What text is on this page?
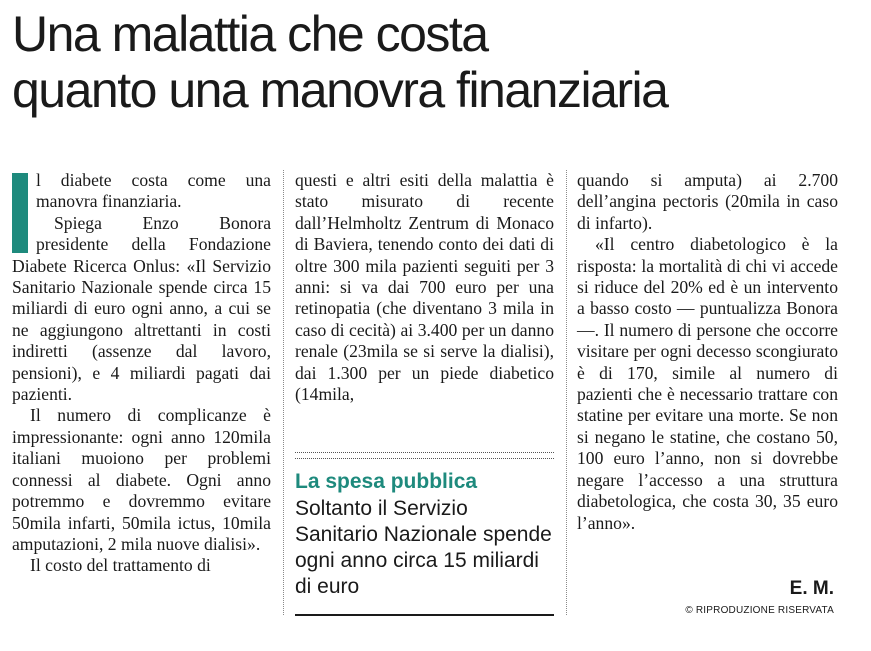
Una malattia che costa
quanto una manovra finanziaria

l diabete costa come una manovra finanziaria.

Spiega Enzo Bonora presidente della Fondazione Diabete Ricerca Onlus: «Il Servizio Sanitario Nazionale spende circa 15 miliardi di euro ogni anno, a cui se ne aggiungono altrettanti in costi indiretti (assenze dal lavoro, pensioni), e 4 miliardi pagati dai pazienti.

Il numero di complicanze è impressionante: ogni anno 120mila italiani muoiono per problemi connessi al diabete. Ogni anno potremmo e dovremmo evitare 50mila infarti, 50mila ictus, 10mila amputazioni, 2 mila nuove dialisi».

Il costo del trattamento di

questi e altri esiti della malattia è stato misurato di recente dall’Helmholtz Zentrum di Monaco di Baviera, tenendo conto dei dati di oltre 300 mila pazienti seguiti per 3 anni: si va dai 700 euro per una retinopatia (che diventano 3 mila in caso di cecità) ai 3.400 per un danno renale (23mila se si serve la dialisi), dai 1.300 per un piede diabetico (14mila,

La spesa pubblica
Soltanto il Servizio Sanitario Nazionale spende ogni anno circa 15 miliardi di euro

quando si amputa) ai 2.700 dell’angina pectoris (20mila in caso di infarto).

«Il centro diabetologico è la risposta: la mortalità di chi vi accede si riduce del 20% ed è un intervento a basso costo — puntualizza Bonora —. Il numero di persone che occorre visitare per ogni decesso scongiurato è di 170, simile al numero di pazienti che è necessario trattare con statine per evitare una morte. Se non si negano le statine, che costano 50, 100 euro l’anno, non si dovrebbe negare l’accesso a una struttura diabetologica, che costa 30, 35 euro l’anno».

E. M.
© RIPRODUZIONE RISERVATA
